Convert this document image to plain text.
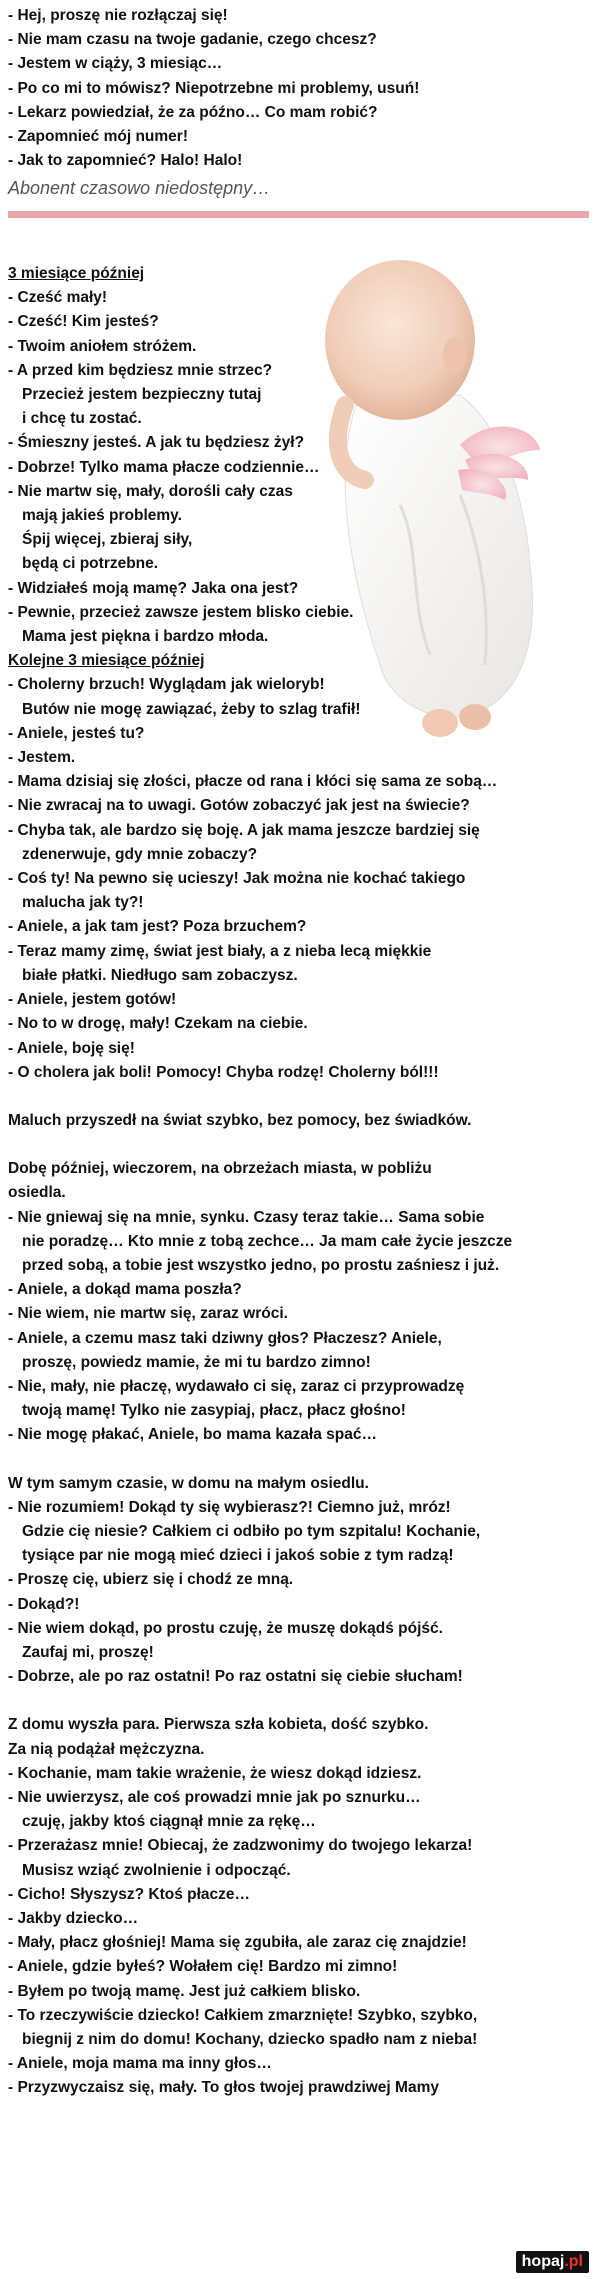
- Hej, proszę nie rozłączaj się!
- Nie mam czasu na twoje gadanie, czego chcesz?
- Jestem w ciąży, 3 miesiąc…
- Po co mi to mówisz? Niepotrzebne mi problemy, usuń!
- Lekarz powiedział, że za późno… Co mam robić?
- Zapomnieć mój numer!
- Jak to zapomnieć? Halo! Halo!
Abonent czasowo niedostępny…
3 miesiące później
- Cześć mały!
- Cześć! Kim jesteś?
- Twoim aniołem stróżem.
- A przed kim będziesz mnie strzec?
Przecież jestem bezpieczny tutaj
i chcę tu zostać.
- Śmieszny jesteś. A jak tu będziesz żył?
- Dobrze! Tylko mama płacze codziennie…
- Nie martw się, mały, dorośli cały czas
mają jakieś problemy.
Śpij więcej, zbieraj siły,
będą ci potrzebne.
- Widziałeś moją mamę? Jaka ona jest?
- Pewnie, przecież zawsze jestem blisko ciebie.
Mama jest piękna i bardzo młoda.
Kolejne 3 miesiące później
- Cholerny brzuch! Wyglądam jak wieloryb!
Butów nie mogę zawiązać, żeby to szlag trafił!
- Aniele, jesteś tu?
- Jestem.
- Mama dzisiaj się złości, płacze od rana i kłóci się sama ze sobą…
- Nie zwracaj na to uwagi. Gotów zobaczyć jak jest na świecie?
- Chyba tak, ale bardzo się boję. A jak mama jeszcze bardziej się
zdenerwuje, gdy mnie zobaczy?
- Coś ty! Na pewno się ucieszy! Jak można nie kochać takiego
malucha jak ty?!
- Aniele, a jak tam jest? Poza brzuchem?
- Teraz mamy zimę, świat jest biały, a z nieba lecą miękkie
białe płatki. Niedługo sam zobaczysz.
- Aniele, jestem gotów!
- No to w drogę, mały! Czekam na ciebie.
- Aniele, boję się!
- O cholera jak boli! Pomocy! Chyba rodzę! Cholerny ból!!!
Maluch przyszedł na świat szybko, bez pomocy, bez świadków.
Dobę później, wieczorem, na obrzeżach miasta, w pobliżu
osiedla.
- Nie gniewaj się na mnie, synku. Czasy teraz takie… Sama sobie
nie poradzę… Kto mnie z tobą zechce… Ja mam całe życie jeszcze
przed sobą, a tobie jest wszystko jedno, po prostu zaśniesz i już.
- Aniele, a dokąd mama poszła?
- Nie wiem, nie martw się, zaraz wróci.
- Aniele, a czemu masz taki dziwny głos? Płaczesz? Aniele,
proszę, powiedz mamie, że mi tu bardzo zimno!
- Nie, mały, nie płaczę, wydawało ci się, zaraz ci przyprowadzę
twoją mamę! Tylko nie zasypiaj, płacz, płacz głośno!
- Nie mogę płakać, Aniele, bo mama kazała spać…
W tym samym czasie, w domu na małym osiedlu.
- Nie rozumiem! Dokąd ty się wybierasz?! Ciemno już, mróz!
Gdzie cię niesie? Całkiem ci odbiło po tym szpitalu! Kochanie,
tysiące par nie mogą mieć dzieci i jakoś sobie z tym radzą!
- Proszę cię, ubierz się i chodź ze mną.
- Dokąd?!
- Nie wiem dokąd, po prostu czuję, że muszę dokądś pójść.
Zaufaj mi, proszę!
- Dobrze, ale po raz ostatni! Po raz ostatni się ciebie słucham!
Z domu wyszła para. Pierwsza szła kobieta, dość szybko.
Za nią podążał mężczyzna.
- Kochanie, mam takie wrażenie, że wiesz dokąd idziesz.
- Nie uwierzysz, ale coś prowadzi mnie jak po sznurku…
czuję, jakby ktoś ciągnął mnie za rękę…
- Przerażasz mnie! Obiecaj, że zadzwonimy do twojego lekarza!
Musisz wziąć zwolnienie i odpocząć.
- Cicho! Słyszysz? Ktoś płacze…
- Jakby dziecko…
- Mały, płacz głośniej! Mama się zgubiła, ale zaraz cię znajdzie!
- Aniele, gdzie byłeś? Wołałem cię! Bardzo mi zimno!
- Byłem po twoją mamę. Jest już całkiem blisko.
- To rzeczywiście dziecko! Całkiem zmarznięte! Szybko, szybko,
biegnij z nim do domu! Kochany, dziecko spadło nam z nieba!
- Aniele, moja mama ma inny głos…
- Przyzwyczaisz się, mały. To głos twojej prawdziwej Mamy
hopaj.pl
